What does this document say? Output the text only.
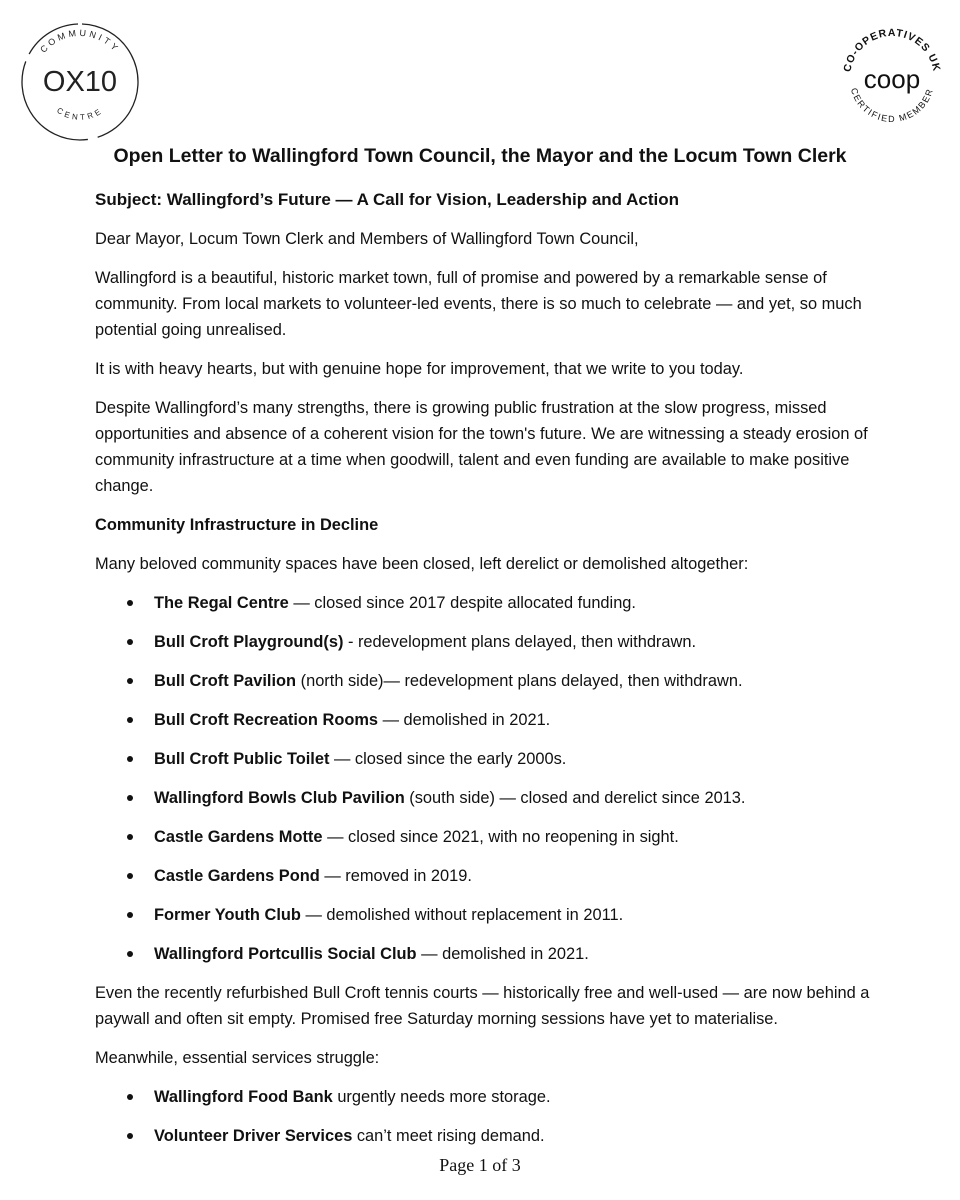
COMMUNITY
OX10
CENTRE
CO-OPERATIVES UK
coop
CERTIFIED MEMBER
Open Letter to Wallingford Town Council, the Mayor and the Locum Town Clerk

Subject: Wallingford’s Future — A Call for Vision, Leadership and Action

Dear Mayor, Locum Town Clerk and Members of Wallingford Town Council,

Wallingford is a beautiful, historic market town, full of promise and powered by a remarkable sense of community. From local markets to volunteer-led events, there is so much to celebrate — and yet, so much potential going unrealised.

It is with heavy hearts, but with genuine hope for improvement, that we write to you today.

Despite Wallingford’s many strengths, there is growing public frustration at the slow progress, missed opportunities and absence of a coherent vision for the town's future. We are witnessing a steady erosion of community infrastructure at a time when goodwill, talent and even funding are available to make positive change.

Community Infrastructure in Decline

Many beloved community spaces have been closed, left derelict or demolished altogether:

The Regal Centre — closed since 2017 despite allocated funding.
Bull Croft Playground(s) - redevelopment plans delayed, then withdrawn.
Bull Croft Pavilion (north side)— redevelopment plans delayed, then withdrawn.
Bull Croft Recreation Rooms — demolished in 2021.
Bull Croft Public Toilet — closed since the early 2000s.
Wallingford Bowls Club Pavilion (south side) — closed and derelict since 2013.
Castle Gardens Motte — closed since 2021, with no reopening in sight.
Castle Gardens Pond — removed in 2019.
Former Youth Club — demolished without replacement in 2011.
Wallingford Portcullis Social Club — demolished in 2021.

Even the recently refurbished Bull Croft tennis courts — historically free and well-used — are now behind a paywall and often sit empty. Promised free Saturday morning sessions have yet to materialise.

Meanwhile, essential services struggle:

Wallingford Food Bank urgently needs more storage.
Volunteer Driver Services can’t meet rising demand.
Page 1 of 3
